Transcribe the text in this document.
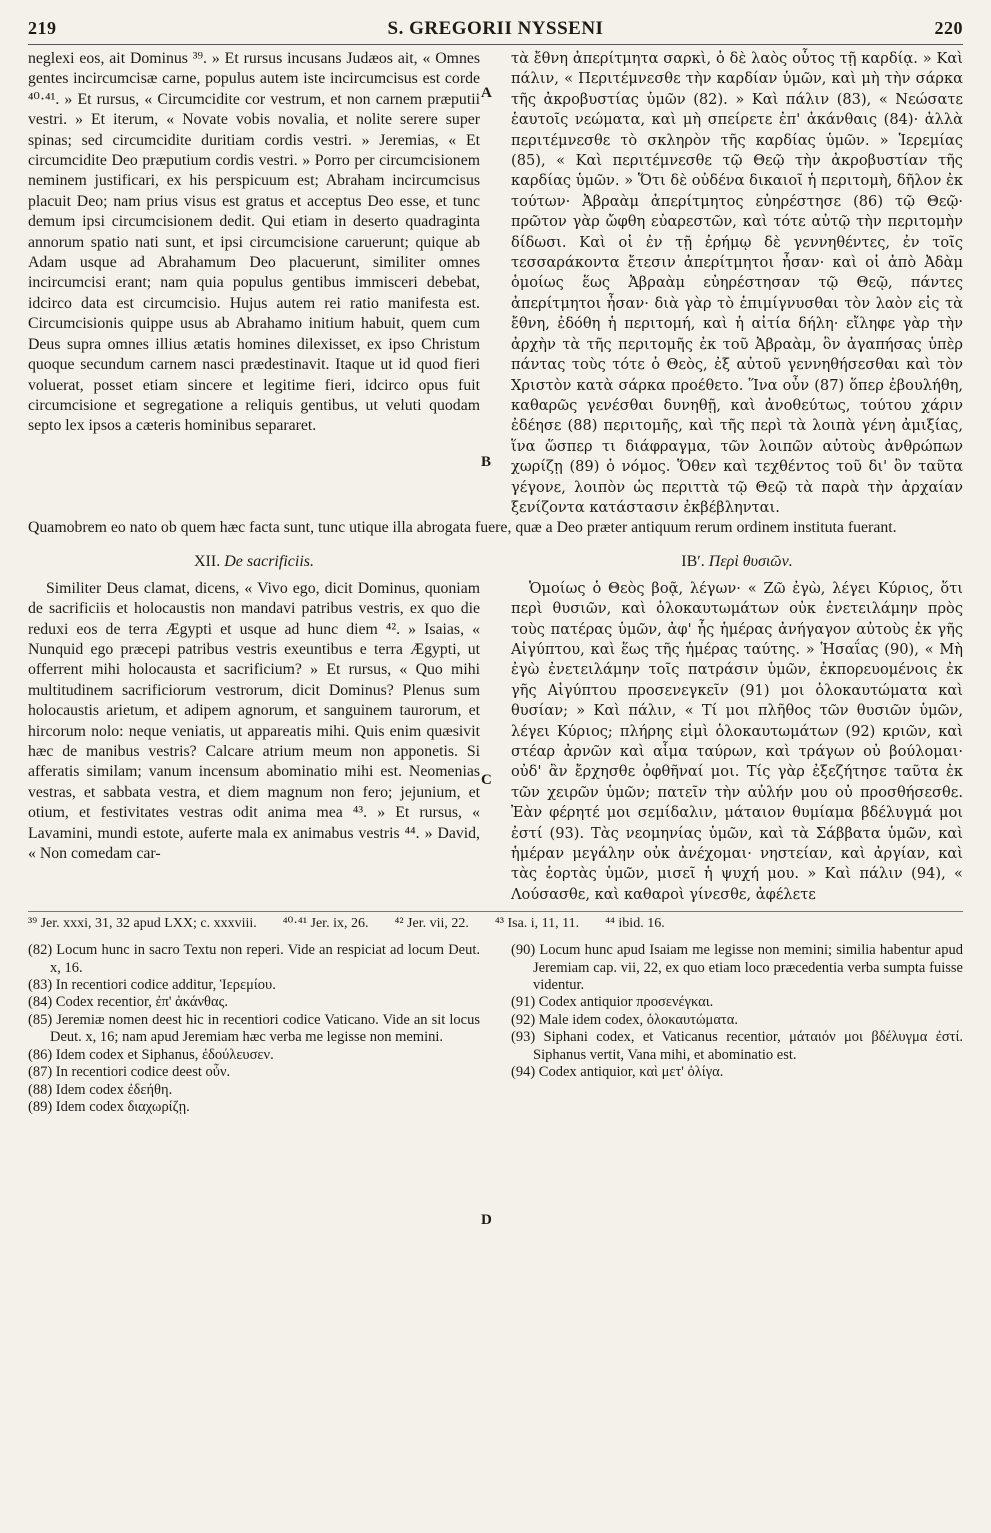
219	S. GREGORII NYSSENI	220

neglexi eos, ait Dominus ³⁹. » Et rursus incusans Judæos ait, « Omnes gentes incircumcisæ carne, populus autem iste incircumcisus est corde ⁴⁰·⁴¹. » Et rursus, « Circumcidite cor vestrum, et non carnem præputii vestri. » Et iterum, « Novate vobis novalia, et nolite serere super spinas; sed circumcidite duritiam cordis vestri. » Jeremias, « Et circumcidite Deo præputium cordis vestri. » Porro per circumcisionem neminem justificari, ex his perspicuum est; Abraham incircumcisus placuit Deo; nam prius visus est gratus et acceptus Deo esse, et tunc demum ipsi circumcisionem dedit. Qui etiam in deserto quadraginta annorum spatio nati sunt, et ipsi circumcisione caruerunt; quique ab Adam usque ad Abrahamum Deo placuerunt, similiter omnes incircumcisi erant; nam quia populus gentibus immisceri debebat, idcirco data est circumcisio. Hujus autem rei ratio manifesta est. Circumcisionis quippe usus ab Abrahamo initium habuit, quem cum Deus supra omnes illius ætatis homines dilexisset, ex ipso Christum quoque secundum carnem nasci prædestinavit. Itaque ut id quod fieri voluerat, posset etiam sincere et legitime fieri, idcirco opus fuit circumcisione et segregatione a reliquis gentibus, ut veluti quodam septo lex ipsos a cæteris hominibus separaret.

τὰ ἔθνη ἀπερίτμητα σαρκὶ, ὁ δὲ λαὸς οὗτος τῇ καρδίᾳ. » Καὶ πάλιν, « Περιτέμνεσθε τὴν καρδίαν ὑμῶν, καὶ μὴ τὴν σάρκα τῆς ἀκροβυστίας ὑμῶν (82). » Καὶ πάλιν (83), « Νεώσατε ἑαυτοῖς νεώματα, καὶ μὴ σπείρετε ἐπ' ἀκάνθαις (84)· ἀλλὰ περιτέμνεσθε τὸ σκληρὸν τῆς καρδίας ὑμῶν. » Ἱερεμίας (85), « Καὶ περιτέμνεσθε τῷ Θεῷ τὴν ἀκροβυστίαν τῆς καρδίας ὑμῶν. » Ὅτι δὲ οὐδένα δικαιοῖ ἡ περιτομὴ, δῆλον ἐκ τούτων· Ἀβραὰμ ἀπερίτμητος εὐηρέστησε (86) τῷ Θεῷ· πρῶτον γὰρ ὤφθη εὐαρεστῶν, καὶ τότε αὐτῷ τὴν περιτομὴν δίδωσι. Καὶ οἱ ἐν τῇ ἐρήμῳ δὲ γεννηθέντες, ἐν τοῖς τεσσαράκοντα ἔτεσιν ἀπερίτμητοι ἦσαν· καὶ οἱ ἀπὸ Ἀδὰμ ὁμοίως ἕως Ἀβραὰμ εὐηρέστησαν τῷ Θεῷ, πάντες ἀπερίτμητοι ἦσαν· διὰ γὰρ τὸ ἐπιμίγνυσθαι τὸν λαὸν εἰς τὰ ἔθνη, ἐδόθη ἡ περιτομή, καὶ ἡ αἰτία δήλη· εἴληφε γὰρ τὴν ἀρχὴν τὰ τῆς περιτομῆς ἐκ τοῦ Ἀβραὰμ, ὃν ἀγαπήσας ὑπὲρ πάντας τοὺς τότε ὁ Θεὸς, ἐξ αὐτοῦ γεννηθήσεσθαι καὶ τὸν Χριστὸν κατὰ σάρκα προέθετο. Ἵνα οὖν (87) ὅπερ ἐβουλήθη, καθαρῶς γενέσθαι δυνηθῇ, καὶ ἀνοθεύτως, τούτου χάριν ἐδέησε (88) περιτομῆς, καὶ τῆς περὶ τὰ λοιπὰ γένη ἀμιξίας, ἵνα ὥσπερ τι διάφραγμα, τῶν λοιπῶν αὐτοὺς ἀνθρώπων χωρίζῃ (89) ὁ νόμος. Ὅθεν καὶ τεχθέντος τοῦ δι' ὃν ταῦτα γέγονε, λοιπὸν ὡς περιττὰ τῷ Θεῷ τὰ παρὰ τὴν ἀρχαίαν ξενίζοντα κατάστασιν ἐκβέβληνται.

Quamobrem eo nato ob quem hæc facta sunt, tunc utique illa abrogata fuere, quæ a Deo præter antiquum rerum ordinem instituta fuerant.

XII. De sacrificiis.	ΙΒʹ. Περὶ θυσιῶν.

Similiter Deus clamat, dicens, « Vivo ego, dicit Dominus, quoniam de sacrificiis et holocaustis non mandavi patribus vestris, ex quo die reduxi eos de terra Ægypti et usque ad hunc diem ⁴². » Isaias, « Nunquid ego præcepi patribus vestris exeuntibus e terra Ægypti, ut offerrent mihi holocausta et sacrificium? » Et rursus, « Quo mihi multitudinem sacrificiorum vestrorum, dicit Dominus? Plenus sum holocaustis arietum, et adipem agnorum, et sanguinem taurorum, et hircorum nolo: neque veniatis, ut appareatis mihi. Quis enim quæsivit hæc de manibus vestris? Calcare atrium meum non apponetis. Si afferatis similam; vanum incensum abominatio mihi est. Neomenias vestras, et sabbata vestra, et diem magnum non fero; jejunium, et otium, et festivitates vestras odit anima mea ⁴³. » Et rursus, « Lavamini, mundi estote, auferte mala ex animabus vestris ⁴⁴. » David, « Non comedam car-

Ὁμοίως ὁ Θεὸς βοᾷ, λέγων· « Ζῶ ἐγὼ, λέγει Κύριος, ὅτι περὶ θυσιῶν, καὶ ὁλοκαυτωμάτων οὐκ ἐνετειλάμην πρὸς τοὺς πατέρας ὑμῶν, ἀφ' ἧς ἡμέρας ἀνήγαγον αὐτοὺς ἐκ γῆς Αἰγύπτου, καὶ ἕως τῆς ἡμέρας ταύτης. » Ἡσαΐας (90), « Μὴ ἐγὼ ἐνετειλάμην τοῖς πατράσιν ὑμῶν, ἐκπορευομένοις ἐκ γῆς Αἰγύπτου προσενεγκεῖν (91) μοι ὁλοκαυτώματα καὶ θυσίαν; » Καὶ πάλιν, « Τί μοι πλῆθος τῶν θυσιῶν ὑμῶν, λέγει Κύριος; πλήρης εἰμὶ ὁλοκαυτωμάτων (92) κριῶν, καὶ στέαρ ἀρνῶν καὶ αἷμα ταύρων, καὶ τράγων οὐ βούλομαι· οὐδ' ἂν ἔρχησθε ὀφθῆναί μοι. Τίς γὰρ ἐξεζήτησε ταῦτα ἐκ τῶν χειρῶν ὑμῶν; πατεῖν τὴν αὐλήν μου οὐ προσθήσεσθε. Ἐὰν φέρητέ μοι σεμίδαλιν, μάταιον θυμίαμα βδέλυγμά μοι ἐστί (93). Τὰς νεομηνίας ὑμῶν, καὶ τὰ Σάββατα ὑμῶν, καὶ ἡμέραν μεγάλην οὐκ ἀνέχομαι· νηστείαν, καὶ ἀργίαν, καὶ τὰς ἑορτὰς ὑμῶν, μισεῖ ἡ ψυχή μου. » Καὶ πάλιν (94), « Λούσασθε, καὶ καθαροὶ γίνεσθε, ἀφέλετε

³⁹ Jer. xxxi, 31, 32 apud LXX; c. xxxviii. ⁴⁰·⁴¹ Jer. ix, 26. ⁴² Jer. vii, 22. ⁴³ Isa. i, 11, 11. ⁴⁴ ibid. 16.

(82) Locum hunc in sacro Textu non reperi. Vide an respiciat ad locum Deut. x, 16.

(83) In recentiori codice additur, Ἱερεμίου.

(84) Codex recentior, ἐπ' ἀκάνθας.

(85) Jeremiæ nomen deest hic in recentiori codice Vaticano. Vide an sit locus Deut. x, 16; nam apud Jeremiam hæc verba me legisse non memini.

(86) Idem codex et Siphanus, ἐδούλευσεν.

(87) In recentiori codice deest οὖν.

(88) Idem codex ἐδεήθη.

(89) Idem codex διαχωρίζῃ.

(90) Locum hunc apud Isaiam me legisse non memini; similia habentur apud Jeremiam cap. vii, 22, ex quo etiam loco præcedentia verba sumpta fuisse videntur.

(91) Codex antiquior προσενέγκαι.

(92) Male idem codex, ὁλοκαυτώματα.

(93) Siphani codex, et Vaticanus recentior, μάταιόν μοι βδέλυγμα ἐστί. Siphanus vertit, Vana mihi, et abominatio est.

(94) Codex antiquior, καὶ μετ' ὀλίγα.

A
B
C
D
